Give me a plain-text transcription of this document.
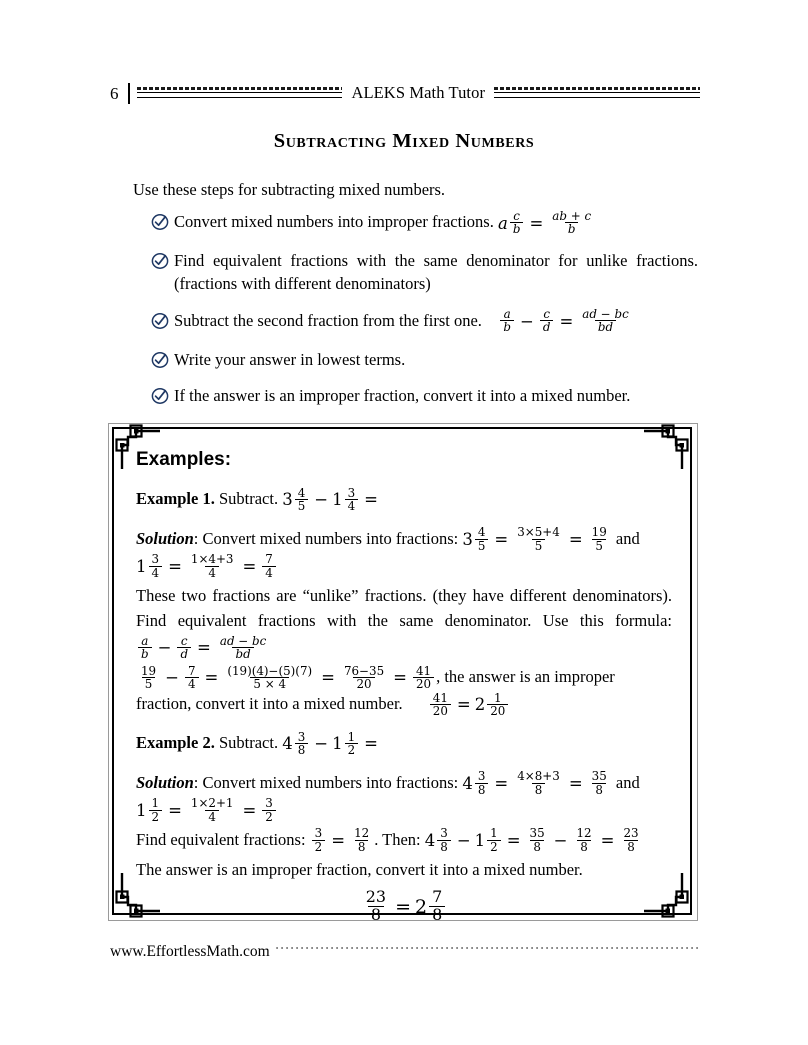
6	ALEKS Math Tutor
Subtracting Mixed Numbers
Use these steps for subtracting mixed numbers.
Convert mixed numbers into improper fractions. a $\frac{c}{b} = \frac{ab + c}{b}$
Find equivalent fractions with the same denominator for unlike fractions. (fractions with different denominators)
Subtract the second fraction from the first one. $\frac{a}{b} - \frac{c}{d} = \frac{ad - bc}{bd}$
Write your answer in lowest terms.
If the answer is an improper fraction, convert it into a mixed number.
Examples:
Example 1. Subtract. $3 \frac{4}{5} - 1 \frac{3}{4}$ =
Solution: Convert mixed numbers into fractions: $3 \frac{4}{5} = \frac{3\times 5+4}{5} = \frac{19}{5}$ and
$1 \frac{3}{4} = \frac{1\times 4+3}{4} = \frac{7}{4}$
These two fractions are “unlike” fractions. (they have different denominators). Find equivalent fractions with the same denominator. Use this formula:
$\frac{a}{b} - \frac{c}{d} = \frac{ad - bc}{bd}$
$\frac{19}{5} - \frac{7}{4} = \frac{(19)(4)-(5)(7)}{5 \times 4} = \frac{76-35}{20} = \frac{41}{20}$ , the answer is an improper fraction, convert it into a mixed number. $\frac{41}{20} = 2 \frac{1}{20}$
Example 2. Subtract. $4 \frac{3}{8} - 1 \frac{1}{2}$ =
Solution: Convert mixed numbers into fractions: $4 \frac{3}{8} = \frac{4\times 8+3}{8} = \frac{35}{8}$ and
$1 \frac{1}{2} = \frac{1\times 2+1}{4} = \frac{3}{2}$
Find equivalent fractions: $\frac{3}{2} = \frac{12}{8}$ . Then: $4 \frac{3}{8} - 1 \frac{1}{2} = \frac{35}{8} - \frac{12}{8} = \frac{23}{8}$
The answer is an improper fraction, convert it into a mixed number.
$\frac{23}{8} = 2 \frac{7}{8}$
www.EffortlessMath.com
